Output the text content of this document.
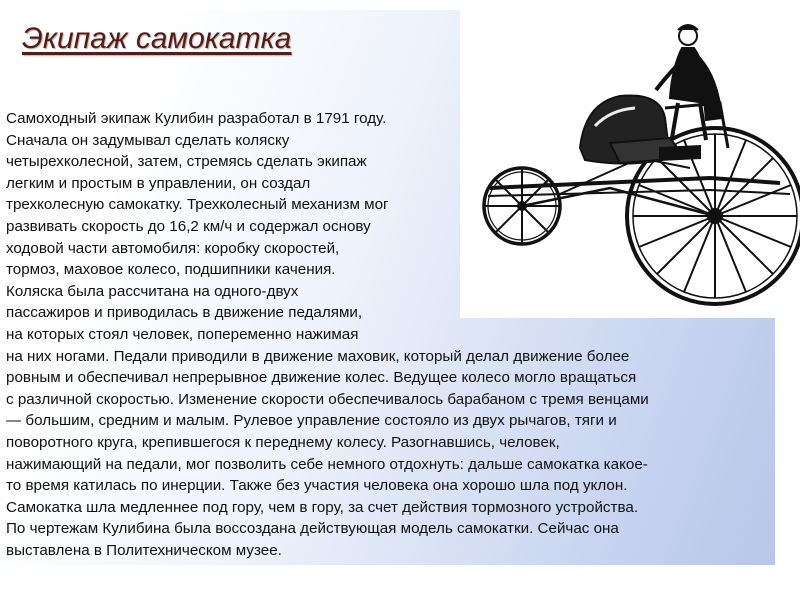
Экипаж самокатка
Самоходный экипаж Кулибин разработал в 1791 году.
Сначала он задумывал сделать коляску
четырехколесной, затем, стремясь сделать экипаж
легким и простым в управлении, он создал
трехколесную самокатку. Трехколесный механизм мог
развивать скорость до 16,2 км/ч и содержал основу
ходовой части автомобиля: коробку скоростей,
тормоз, маховое колесо, подшипники качения.
Коляска была рассчитана на одного-двух
пассажиров и приводилась в движение педалями,
на которых стоял человек, попеременно нажимая
на них ногами. Педали приводили в движение маховик, который делал движение более
ровным и обеспечивал непрерывное движение колес. Ведущее колесо могло вращаться
с различной скоростью. Изменение скорости обеспечивалось барабаном с тремя венцами
— большим, средним и малым. Рулевое управление состояло из двух рычагов, тяги и
поворотного круга, крепившегося к переднему колесу. Разогнавшись, человек,
нажимающий на педали, мог позволить себе немного отдохнуть: дальше самокатка какое-
то время катилась по инерции. Также без участия человека она хорошо шла под уклон.
Самокатка шла медленнее под гору, чем в гору, за счет действия тормозного устройства.
По чертежам Кулибина была воссоздана действующая модель самокатки. Сейчас она
выставлена в Политехническом музее.
